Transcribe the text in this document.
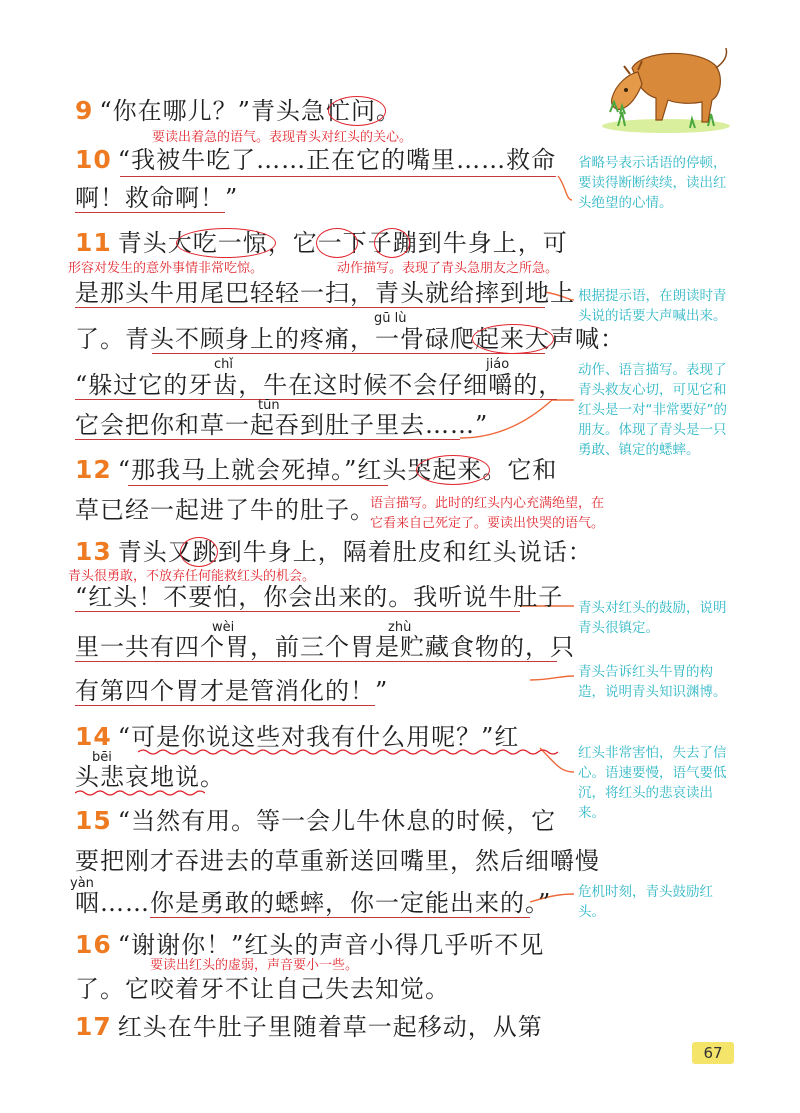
9 “你在哪儿？”青头急忙问。
要读出着急的语气。表现青头对红头的关心。
10 “我被牛吃了……正在它的嘴里……救命
啊！救命啊！”
11 青头大吃一惊，它一下子蹦到牛身上，可
形容对发生的意外事情非常吃惊。	动作描写。表现了青头急朋友之所急。
是那头牛用尾巴轻轻一扫，青头就给摔到地上
gū lù
了。青头不顾身上的疼痛，一骨碌爬起来大声喊：
chǐ	jiáo
“躲过它的牙齿，牛在这时候不会仔细嚼的，
tūn
它会把你和草一起吞到肚子里去……”
12 “那我马上就会死掉。”红头哭起来。它和
草已经一起进了牛的肚子。
语言描写。此时的红头内心充满绝望，在
它看来自己死定了。要读出快哭的语气。
13 青头又跳到牛身上，隔着肚皮和红头说话：
青头很勇敢，不放弃任何能救红头的机会。
“红头！不要怕，你会出来的。我听说牛肚子
wèi	zhù
里一共有四个胃，前三个胃是贮藏食物的，只
有第四个胃才是管消化的！”
14 “可是你说这些对我有什么用呢？”红
bēi
头悲哀地说。
15 “当然有用。等一会儿牛休息的时候，它
要把刚才吞进去的草重新送回嘴里，然后细嚼慢
yàn
咽……你是勇敢的蟋蟀，你一定能出来的。”
16 “谢谢你！”红头的声音小得几乎听不见
要读出红头的虚弱，声音要小一些。
了。它咬着牙不让自己失去知觉。
17 红头在牛肚子里随着草一起移动，从第
省略号表示话语的停顿，要读得断断续续，读出红头绝望的心情。
根据提示语，在朗读时青头说的话要大声喊出来。
动作、语言描写。表现了青头救友心切，可见它和红头是一对“非常要好”的朋友。体现了青头是一只勇敢、镇定的蟋蟀。
青头对红头的鼓励，说明青头很镇定。
青头告诉红头牛胃的构造，说明青头知识渊博。
红头非常害怕，失去了信心。语速要慢，语气要低沉，将红头的悲哀读出来。
危机时刻，青头鼓励红头。
67
